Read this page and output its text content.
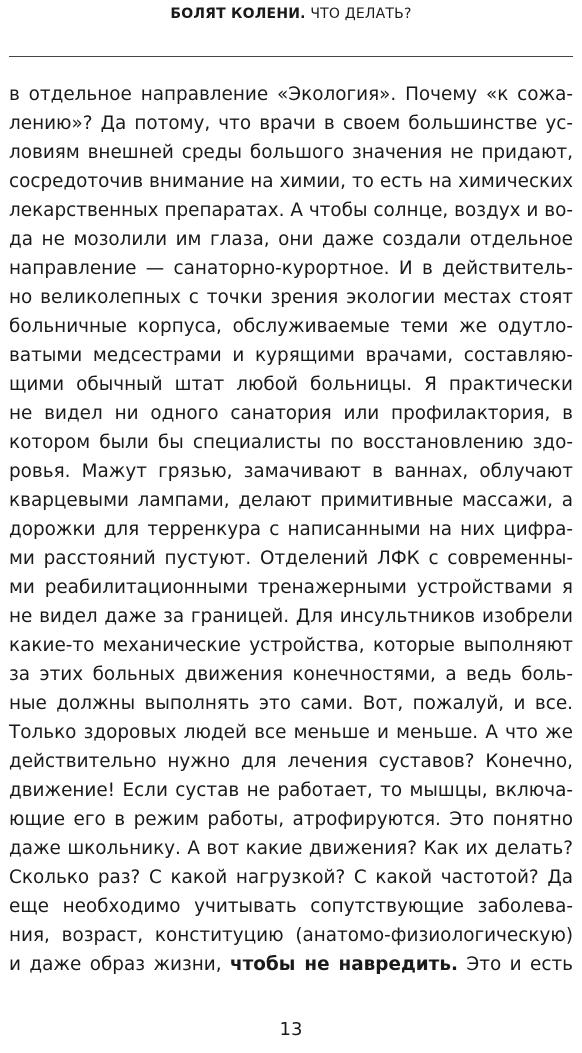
БОЛЯТ КОЛЕНИ. ЧТО ДЕЛАТЬ?
в отдельное направление «Экология». Почему «к сожа-
лению»? Да потому, что врачи в своем большинстве ус-
ловиям внешней среды большого значения не придают,
сосредоточив внимание на химии, то есть на химических
лекарственных препаратах. А чтобы солнце, воздух и во-
да не мозолили им глаза, они даже создали отдельное
направление — санаторно-курортное. И в действитель-
но великолепных с точки зрения экологии местах стоят
больничные корпуса, обслуживаемые теми же одутло-
ватыми медсестрами и курящими врачами, составляю-
щими обычный штат любой больницы. Я практически
не видел ни одного санатория или профилактория, в
котором были бы специалисты по восстановлению здо-
ровья. Мажут грязью, замачивают в ваннах, облучают
кварцевыми лампами, делают примитивные массажи, а
дорожки для терренкура с написанными на них цифра-
ми расстояний пустуют. Отделений ЛФК с современны-
ми реабилитационными тренажерными устройствами я
не видел даже за границей. Для инсультников изобрели
какие-то механические устройства, которые выполняют
за этих больных движения конечностями, а ведь боль-
ные должны выполнять это сами. Вот, пожалуй, и все.
Только здоровых людей все меньше и меньше. А что же
действительно нужно для лечения суставов? Конечно,
движение! Если сустав не работает, то мышцы, включа-
ющие его в режим работы, атрофируются. Это понятно
даже школьнику. А вот какие движения? Как их делать?
Сколько раз? С какой нагрузкой? С какой частотой? Да
еще необходимо учитывать сопутствующие заболева-
ния, возраст, конституцию (анатомо-физиологическую)
и даже образ жизни, чтобы не навредить. Это и есть
13
